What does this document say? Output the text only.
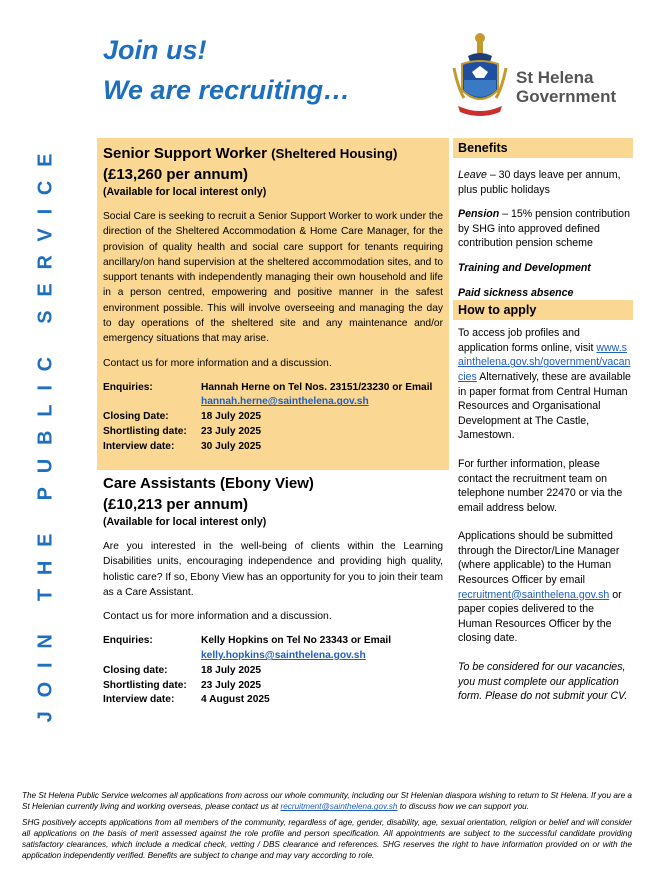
Join us!
We are recruiting…	St Helena
Government
JOIN THE PUBLIC SERVICE	Senior Support Worker (Sheltered Housing)
(£13,260 per annum)
(Available for local interest only)

Social Care is seeking to recruit a Senior Support Worker to work under the direction of the Sheltered Accommodation & Home Care Manager, for the provision of quality health and social care support for tenants requiring ancillary/on hand supervision at the sheltered accommodation sites, and to support tenants with independently managing their own household and life in a person centred, empowering and positive manner in the safest environment possible. This will involve overseeing and managing the day to day operations of the sheltered site and any maintenance and/or emergency situations that may arise.

Contact us for more information and a discussion.

Enquiries:	Hannah Herne on Tel Nos. 23151/23230 or Email
hannah.herne@sainthelena.gov.sh
Closing Date:	18 July 2025
Shortlisting date:	23 July 2025
Interview date:	30 July 2025
Care Assistants (Ebony View)
(£10,213 per annum)
(Available for local interest only)

Are you interested in the well-being of clients within the Learning Disabilities units, encouraging independence and providing high quality, holistic care? If so, Ebony View has an opportunity for you to join their team as a Care Assistant.

Contact us for more information and a discussion.

Enquiries:	Kelly Hopkins on Tel No 23343 or Email
kelly.hopkins@sainthelena.gov.sh
Closing date:	18 July 2025
Shortlisting date:	23 July 2025
Interview date:	4 August 2025
Benefits

Leave – 30 days leave per annum, plus public holidays

Pension – 15% pension contribution by SHG into approved defined contribution pension scheme

Training and Development

Paid sickness absence

How to apply

To access job profiles and application forms online, visit www.sainthelena.gov.sh/government/vacancies Alternatively, these are available in paper format from Central Human Resources and Organisational Development at The Castle, Jamestown.

For further information, please contact the recruitment team on telephone number 22470 or via the email address below.

Applications should be submitted through the Director/Line Manager (where applicable) to the Human Resources Officer by email recruitment@sainthelena.gov.sh or paper copies delivered to the Human Resources Officer by the closing date.

To be considered for our vacancies, you must complete our application form. Please do not submit your CV.

The St Helena Public Service welcomes all applications from across our whole community, including our St Helenian diaspora wishing to return to St Helena. If you are a St Helenian currently living and working overseas, please contact us at recruitment@sainthelena.gov.sh to discuss how we can support you.

SHG positively accepts applications from all members of the community, regardless of age, gender, disability, age, sexual orientation, religion or belief and will consider all applications on the basis of merit assessed against the role profile and person specification. All appointments are subject to the successful candidate providing satisfactory clearances, which include a medical check, vetting / DBS clearance and references. SHG reserves the right to have information provided on or with the application independently verified. Benefits are subject to change and may vary according to role.
